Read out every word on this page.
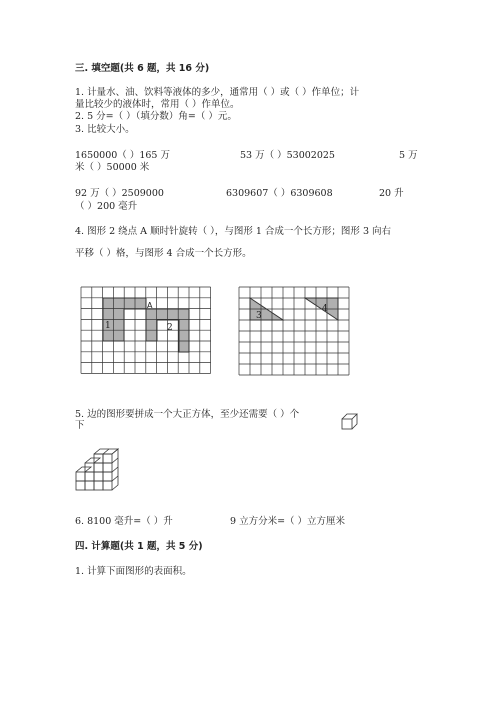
三. 填空题(共 6 题，共 16 分)
1. 计量水、油、饮料等液体的多少，通常用（ ）或（ ）作单位；计
量比较少的液体时，常用（ ）作单位。
2. 5 分=（ ）（填分数）角=（ ）元。
3. 比较大小。
1650000（ ）165 万	53 万（ ）53002025	5 万
米（ ）50000 米
92 万（ ）2509000	6309607（ ）6309608	20 升
（ ）200 毫升
4. 图形 2 绕点 A 顺时针旋转（ ），与图形 1 合成一个长方形；图形 3 向右
平移（ ）格，与图形 4 合成一个长方形。
1	2
A
3
4
5. 边的图形要拼成一个大正方体，至少还需要（ ）个
下
6. 8100 毫升=（ ）升	9 立方分米=（ ）立方厘米
四. 计算题(共 1 题，共 5 分)
1. 计算下面图形的表面积。
